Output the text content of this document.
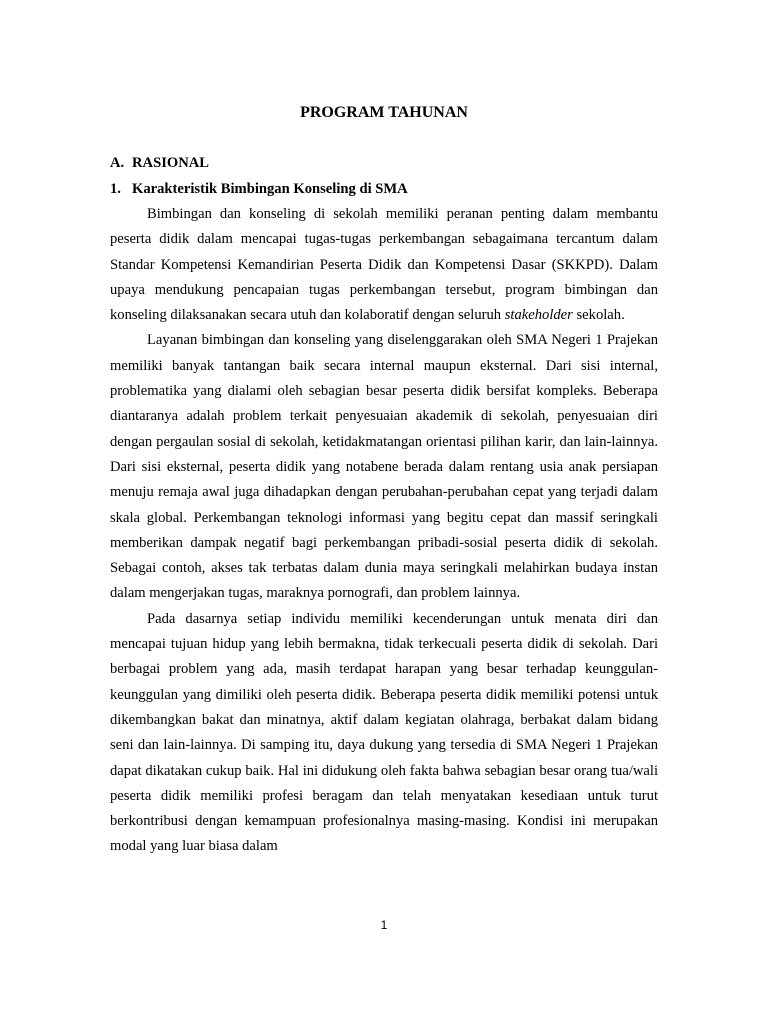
PROGRAM TAHUNAN
A. RASIONAL
1. Karakteristik Bimbingan Konseling di SMA

Bimbingan dan konseling di sekolah memiliki peranan penting dalam membantu peserta didik dalam mencapai tugas-tugas perkembangan sebagaimana tercantum dalam Standar Kompetensi Kemandirian Peserta Didik dan Kompetensi Dasar (SKKPD). Dalam upaya mendukung pencapaian tugas perkembangan tersebut, program bimbingan dan konseling dilaksanakan secara utuh dan kolaboratif dengan seluruh stakeholder sekolah.

Layanan bimbingan dan konseling yang diselenggarakan oleh SMA Negeri 1 Prajekan memiliki banyak tantangan baik secara internal maupun eksternal. Dari sisi internal, problematika yang dialami oleh sebagian besar peserta didik bersifat kompleks. Beberapa diantaranya adalah problem terkait penyesuaian akademik di sekolah, penyesuaian diri dengan pergaulan sosial di sekolah, ketidakmatangan orientasi pilihan karir, dan lain-lainnya. Dari sisi eksternal, peserta didik yang notabene berada dalam rentang usia anak persiapan menuju remaja awal juga dihadapkan dengan perubahan-perubahan cepat yang terjadi dalam skala global. Perkembangan teknologi informasi yang begitu cepat dan massif seringkali memberikan dampak negatif bagi perkembangan pribadi-sosial peserta didik di sekolah. Sebagai contoh, akses tak terbatas dalam dunia maya seringkali melahirkan budaya instan dalam mengerjakan tugas, maraknya pornografi, dan problem lainnya.

Pada dasarnya setiap individu memiliki kecenderungan untuk menata diri dan mencapai tujuan hidup yang lebih bermakna, tidak terkecuali peserta didik di sekolah. Dari berbagai problem yang ada, masih terdapat harapan yang besar terhadap keunggulan-keunggulan yang dimiliki oleh peserta didik. Beberapa peserta didik memiliki potensi untuk dikembangkan bakat dan minatnya, aktif dalam kegiatan olahraga, berbakat dalam bidang seni dan lain-lainnya. Di samping itu, daya dukung yang tersedia di SMA Negeri 1 Prajekan dapat dikatakan cukup baik. Hal ini didukung oleh fakta bahwa sebagian besar orang tua/wali peserta didik memiliki profesi beragam dan telah menyatakan kesediaan untuk turut berkontribusi dengan kemampuan profesionalnya masing-masing. Kondisi ini merupakan modal yang luar biasa dalam

1
